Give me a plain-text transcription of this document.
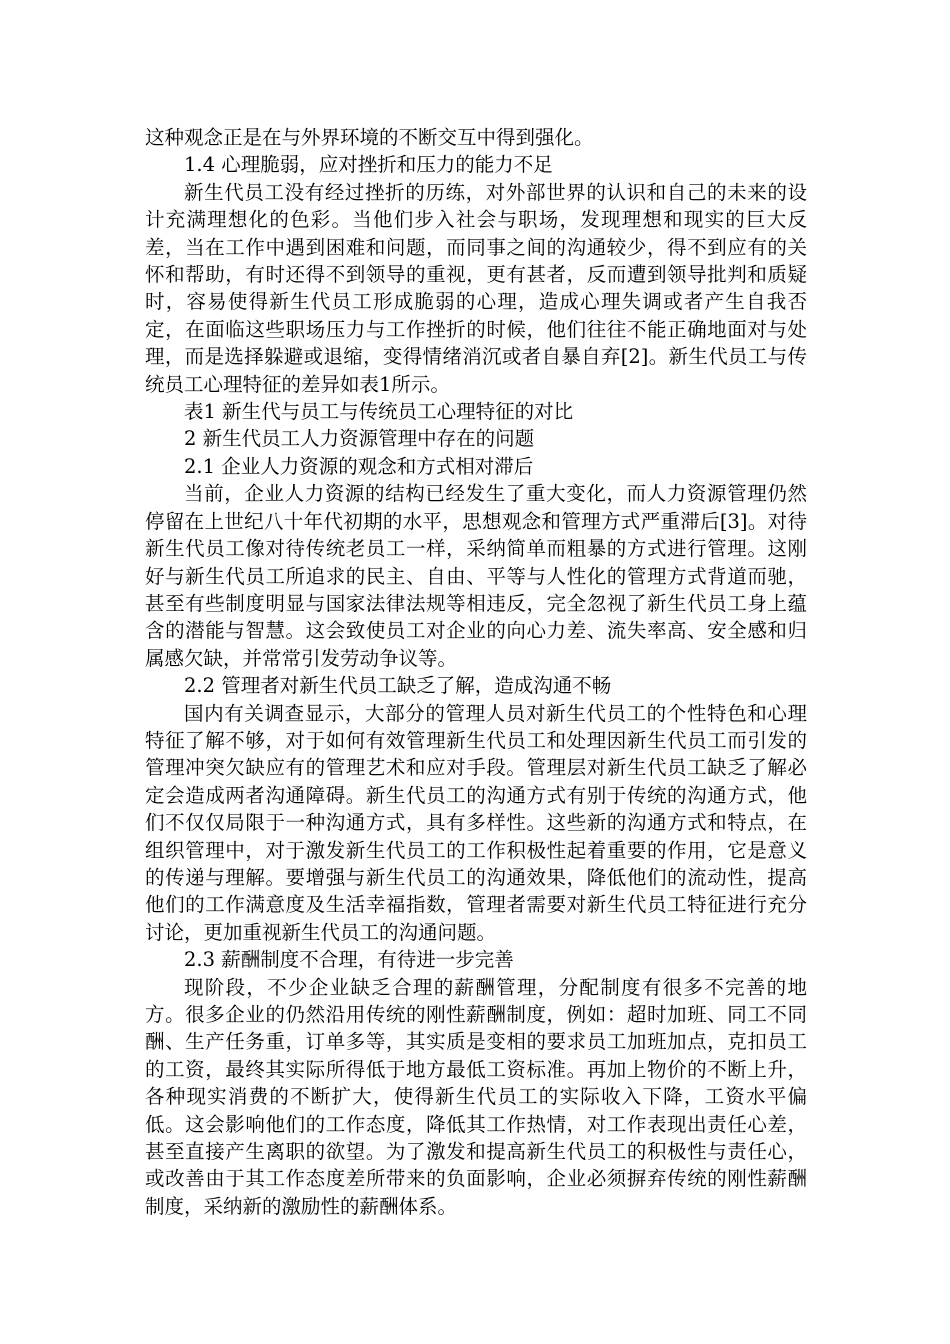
这种观念正是在与外界环境的不断交互中得到强化。

1.4 心理脆弱，应对挫折和压力的能力不足

新生代员工没有经过挫折的历练，对外部世界的认识和自己的未来的设计充满理想化的色彩。当他们步入社会与职场，发现理想和现实的巨大反差，当在工作中遇到困难和问题，而同事之间的沟通较少，得不到应有的关怀和帮助，有时还得不到领导的重视，更有甚者，反而遭到领导批判和质疑时，容易使得新生代员工形成脆弱的心理，造成心理失调或者产生自我否定，在面临这些职场压力与工作挫折的时候，他们往往不能正确地面对与处理，而是选择躲避或退缩，变得情绪消沉或者自暴自弃[2]。新生代员工与传统员工心理特征的差异如表1所示。

表1 新生代与员工与传统员工心理特征的对比

2 新生代员工人力资源管理中存在的问题

2.1 企业人力资源的观念和方式相对滞后

当前，企业人力资源的结构已经发生了重大变化，而人力资源管理仍然停留在上世纪八十年代初期的水平，思想观念和管理方式严重滞后[3]。对待新生代员工像对待传统老员工一样，采纳简单而粗暴的方式进行管理。这刚好与新生代员工所追求的民主、自由、平等与人性化的管理方式背道而驰，甚至有些制度明显与国家法律法规等相违反，完全忽视了新生代员工身上蕴含的潜能与智慧。这会致使员工对企业的向心力差、流失率高、安全感和归属感欠缺，并常常引发劳动争议等。

2.2 管理者对新生代员工缺乏了解，造成沟通不畅

国内有关调查显示，大部分的管理人员对新生代员工的个性特色和心理特征了解不够，对于如何有效管理新生代员工和处理因新生代员工而引发的管理冲突欠缺应有的管理艺术和应对手段。管理层对新生代员工缺乏了解必定会造成两者沟通障碍。新生代员工的沟通方式有别于传统的沟通方式，他们不仅仅局限于一种沟通方式，具有多样性。这些新的沟通方式和特点，在组织管理中，对于激发新生代员工的工作积极性起着重要的作用，它是意义的传递与理解。要增强与新生代员工的沟通效果，降低他们的流动性，提高他们的工作满意度及生活幸福指数，管理者需要对新生代员工特征进行充分讨论，更加重视新生代员工的沟通问题。

2.3 薪酬制度不合理，有待进一步完善

现阶段，不少企业缺乏合理的薪酬管理，分配制度有很多不完善的地方。很多企业的仍然沿用传统的刚性薪酬制度，例如：超时加班、同工不同酬、生产任务重，订单多等，其实质是变相的要求员工加班加点，克扣员工的工资，最终其实际所得低于地方最低工资标准。再加上物价的不断上升，各种现实消费的不断扩大，使得新生代员工的实际收入下降，工资水平偏低。这会影响他们的工作态度，降低其工作热情，对工作表现出责任心差，甚至直接产生离职的欲望。为了激发和提高新生代员工的积极性与责任心，或改善由于其工作态度差所带来的负面影响，企业必须摒弃传统的刚性薪酬制度，采纳新的激励性的薪酬体系。
